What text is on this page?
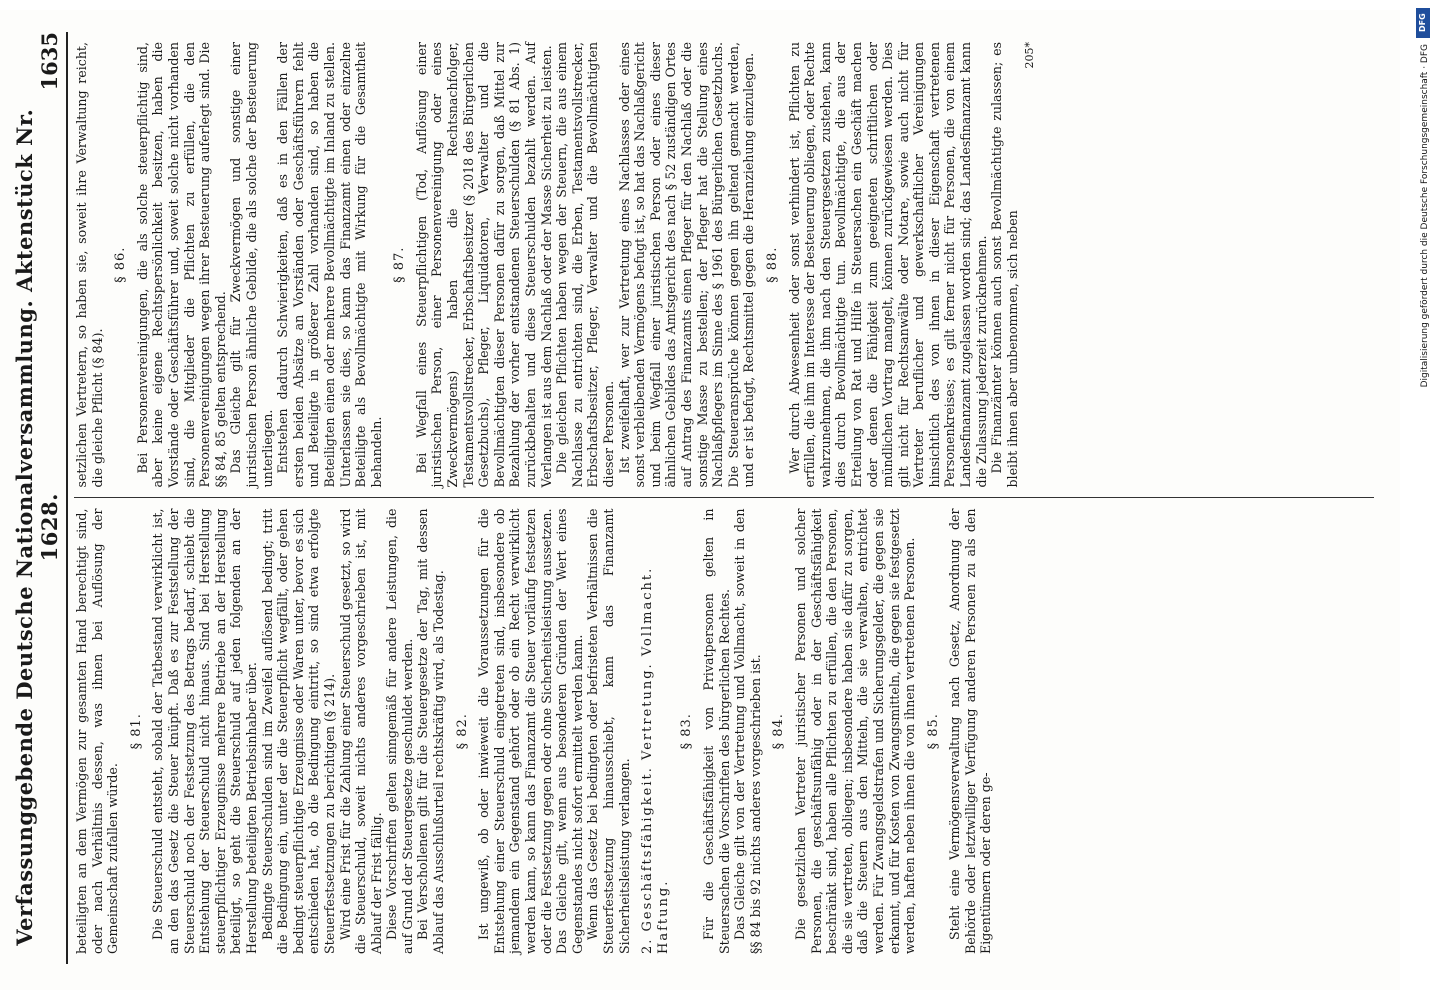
Verfassunggebende Deutsche Nationalversammlung. Aktenstück Nr. 1628.
1635

beteiligten an dem Vermögen zur gesamten Hand berechtigt sind, oder nach Verhältnis dessen, was ihnen bei Auflösung der Gemeinschaft zufallen würde.

§ 81. Die Steuerschuld entsteht, sobald der Tatbestand verwirklicht ist, an den das Gesetz die Steuer knüpft. Daß es zur Feststellung der Steuerschuld noch der Festsetzung des Betrags bedarf, schiebt die Entstehung der Steuerschuld nicht hinaus. Sind bei Herstellung steuerpflichtiger Erzeugnisse mehrere Betriebe an der Herstellung beteiligt, so geht die Steuerschuld auf jeden folgenden an der Herstellung beteiligten Betriebsinhaber über. Bedingte Steuerschulden sind im Zweifel auflösend bedingt; tritt die Bedingung ein, unter der die Steuerpflicht wegfällt, oder gehen bedingt steuerpflichtige Erzeugnisse oder Waren unter, bevor es sich entschieden hat, ob die Bedingung eintritt, so sind etwa erfolgte Steuerfestsetzungen zu berichtigen (§ 214). Wird eine Frist für die Zahlung einer Steuerschuld gesetzt, so wird die Steuerschuld, soweit nichts anderes vorgeschrieben ist, mit Ablauf der Frist fällig. Diese Vorschriften gelten sinngemäß für andere Leistungen, die auf Grund der Steuergesetze geschuldet werden. Bei Verschollenen gilt für die Steuergesetze der Tag, mit dessen Ablauf das Ausschlußurteil rechtskräftig wird, als Todestag. § 82. Ist ungewiß, ob oder inwieweit die Voraussetzungen für die Entstehung einer Steuerschuld eingetreten sind, insbesondere ob jemandem ein Gegenstand gehört oder ob ein Recht verwirklicht werden kann, so kann das Finanzamt die Steuer vorläufig festsetzen oder die Festsetzung gegen oder ohne Sicherheitsleistung aussetzen. Das Gleiche gilt, wenn aus besonderen Gründen der Wert eines Gegenstandes nicht sofort ermittelt werden kann. Wenn das Gesetz bei bedingten oder befristeten Verhältnissen die Steuerfestsetzung hinausschiebt, kann das Finanzamt Sicherheitsleistung verlangen. 2. Geschäftsfähigkeit. Vertretung. Vollmacht. Haftung.
§ 83. Für die Geschäftsfähigkeit von Privatpersonen gelten in Steuersachen die Vorschriften des bürgerlichen Rechtes. Das Gleiche gilt von der Vertretung und Vollmacht, soweit in den §§ 84 bis 92 nichts anderes vorgeschrieben ist. § 84. Die gesetzlichen Vertreter juristischer Personen und solcher Personen, die geschäftsunfähig oder in der Geschäftsfähigkeit beschränkt sind, haben alle Pflichten zu erfüllen, die den Personen, die sie vertreten, obliegen; insbesondere haben sie dafür zu sorgen, daß die Steuern aus den Mitteln, die sie verwalten, entrichtet werden. Für Zwangsgeldstrafen und Sicherungsgelder, die gegen sie erkannt, und für Kosten von Zwangsmitteln, die gegen sie festgesetzt werden, haften neben ihnen die von ihnen vertretenen Personen. § 85. Steht eine Vermögensverwaltung nach Gesetz, Anordnung der Behörde oder letztwilliger Verfügung anderen Personen zu als den Eigentümern oder deren ge-

setzlichen Vertretern, so haben sie, soweit ihre Verwaltung reicht, die gleiche Pflicht (§ 84).

§ 86. Bei Personenvereinigungen, die als solche steuerpflichtig sind, aber keine eigene Rechtspersönlichkeit besitzen, haben die Vorstände oder Geschäftsführer und, soweit solche nicht vorhanden sind, die Mitglieder die Pflichten zu erfüllen, die den Personenvereinigungen wegen ihrer Besteuerung auferlegt sind. Die §§ 84, 85 gelten entsprechend. Das Gleiche gilt für Zweckvermögen und sonstige einer juristischen Person ähnliche Gebilde, die als solche der Besteuerung unterliegen. Entstehen dadurch Schwierigkeiten, daß es in den Fällen der ersten beiden Absätze an Vorständen oder Geschäftsführern fehlt und Beteiligte in größerer Zahl vorhanden sind, so haben die Beteiligten einen oder mehrere Bevollmächtigte im Inland zu stellen. Unterlassen sie dies, so kann das Finanzamt einen oder einzelne Beteiligte als Bevollmächtigte mit Wirkung für die Gesamtheit behandeln.

§ 87. Bei Wegfall eines Steuerpflichtigen (Tod, Auflösung einer juristischen Person, einer Personenvereinigung oder eines Zweckvermögens) haben die Rechtsnachfolger, Testamentsvollstrecker, Erbschaftsbesitzer (§ 2018 des Bürgerlichen Gesetzbuchs), Pfleger, Liquidatoren, Verwalter und die Bevollmächtigten dieser Personen dafür zu sorgen, daß Mittel zur Bezahlung der vorher entstandenen Steuerschulden (§ 81 Abs. 1) zurückbehalten und diese Steuerschulden bezahlt werden. Auf Verlangen ist aus dem Nachlaß oder der Masse Sicherheit zu leisten. Die gleichen Pflichten haben wegen der Steuern, die aus einem Nachlasse zu entrichten sind, die Erben, Testamentsvollstrecker, Erbschaftsbesitzer, Pfleger, Verwalter und die Bevollmächtigten dieser Personen. Ist zweifelhaft, wer zur Vertretung eines Nachlasses oder eines sonst verbleibenden Vermögens befugt ist, so hat das Nachlaßgericht und beim Wegfall einer juristischen Person oder eines dieser ähnlichen Gebildes das Amtsgericht des nach § 52 zuständigen Ortes auf Antrag des Finanzamts einen Pfleger für den Nachlaß oder die sonstige Masse zu bestellen; der Pfleger hat die Stellung eines Nachlaßpflegers im Sinne des § 1961 des Bürgerlichen Gesetzbuchs. Die Steueransprüche können gegen ihn geltend gemacht werden, und er ist befugt, Rechtsmittel gegen die Heranziehung einzulegen. § 88. Wer durch Abwesenheit oder sonst verhindert ist, Pflichten zu erfüllen, die ihm im Interesse der Besteuerung obliegen, oder Rechte wahrzunehmen, die ihm nach den Steuergesetzen zustehen, kann dies durch Bevollmächtigte tun. Bevollmächtigte, die aus der Erteilung von Rat und Hilfe in Steuersachen ein Geschäft machen oder denen die Fähigkeit zum geeigneten schriftlichen oder mündlichen Vortrag mangelt, können zurückgewiesen werden. Dies gilt nicht für Rechtsanwälte oder Notare, sowie auch nicht für Vertreter beruflicher und gewerkschaftlicher Vereinigungen hinsichtlich des von ihnen in dieser Eigenschaft vertretenen Personenkreises; es gilt ferner nicht für Personen, die von einem Landesfinanzamt zugelassen worden sind; das Landesfinanzamt kann die Zulassung jederzeit zurücknehmen. Die Finanzämter können auch sonst Bevollmächtigte zulassen; es bleibt ihnen aber unbenommen, sich neben

205*
DFG
Digitalisierung gefördert durch die Deutsche Forschungsgemeinschaft · DFG
